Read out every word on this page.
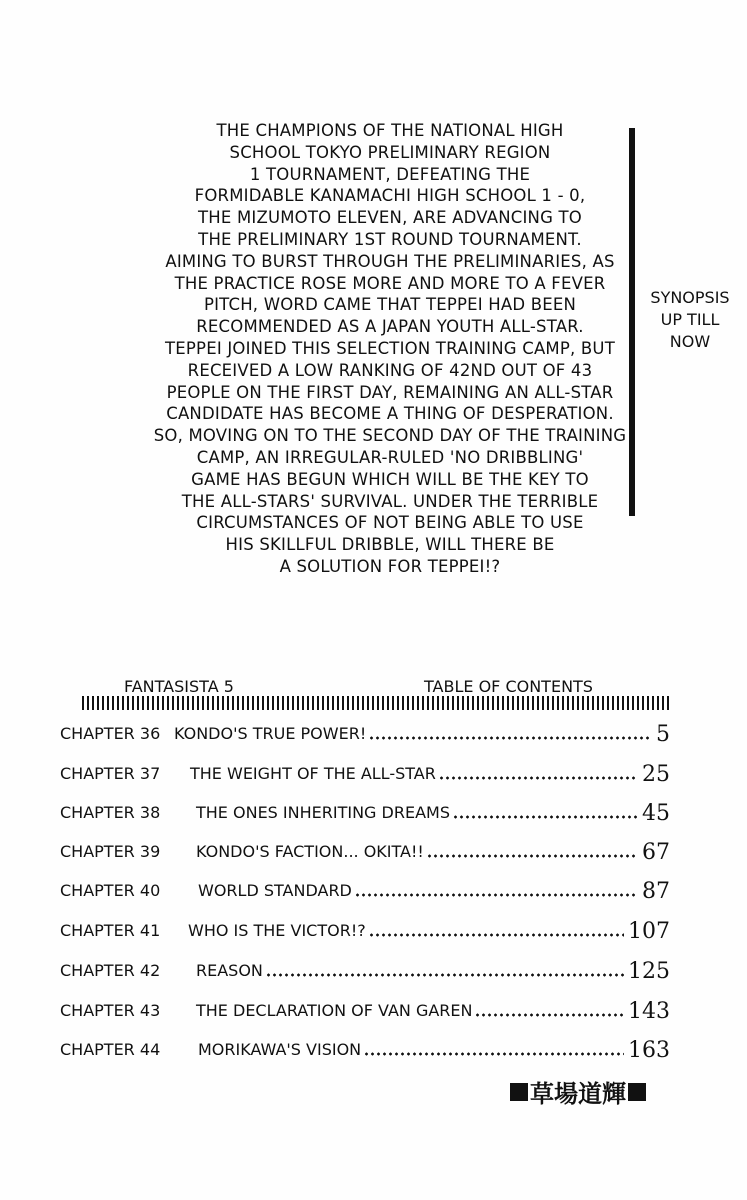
THE CHAMPIONS OF THE NATIONAL HIGH
SCHOOL TOKYO PRELIMINARY REGION
1 TOURNAMENT, DEFEATING THE
FORMIDABLE KANAMACHI HIGH SCHOOL 1 - 0,
THE MIZUMOTO ELEVEN, ARE ADVANCING TO
THE PRELIMINARY 1ST ROUND TOURNAMENT.
AIMING TO BURST THROUGH THE PRELIMINARIES, AS
THE PRACTICE ROSE MORE AND MORE TO A FEVER
PITCH, WORD CAME THAT TEPPEI HAD BEEN
RECOMMENDED AS A JAPAN YOUTH ALL-STAR.
TEPPEI JOINED THIS SELECTION TRAINING CAMP, BUT
RECEIVED A LOW RANKING OF 42ND OUT OF 43
PEOPLE ON THE FIRST DAY, REMAINING AN ALL-STAR
CANDIDATE HAS BECOME A THING OF DESPERATION.
SO, MOVING ON TO THE SECOND DAY OF THE TRAINING
CAMP, AN IRREGULAR-RULED 'NO DRIBBLING'
GAME HAS BEGUN WHICH WILL BE THE KEY TO
THE ALL-STARS' SURVIVAL. UNDER THE TERRIBLE
CIRCUMSTANCES OF NOT BEING ABLE TO USE
HIS SKILLFUL DRIBBLE, WILL THERE BE
A SOLUTION FOR TEPPEI!?
SYNOPSIS
UP TILL
NOW
FANTASISTA 5	TABLE OF CONTENTS
CHAPTER 36 KONDO'S TRUE POWER!	5
CHAPTER 37 THE WEIGHT OF THE ALL-STAR	25
CHAPTER 38 THE ONES INHERITING DREAMS	45
CHAPTER 39 KONDO'S FACTION... OKITA!!	67
CHAPTER 40 WORLD STANDARD	87
CHAPTER 41 WHO IS THE VICTOR!?	107
CHAPTER 42 REASON	125
CHAPTER 43 THE DECLARATION OF VAN GAREN	143
CHAPTER 44 MORIKAWA'S VISION	163
草場道輝
